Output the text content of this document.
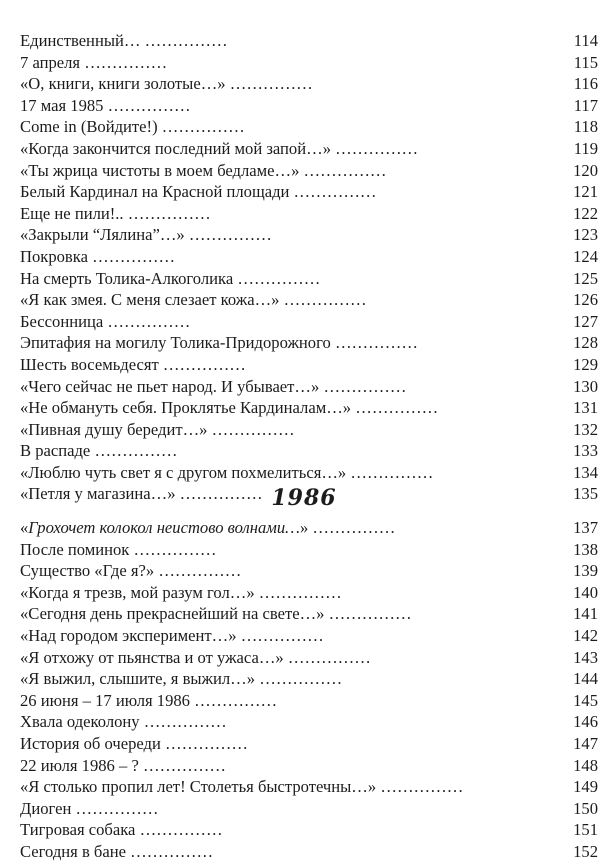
Единственный… ……………	114
7 апреля ……………	115
«О, книги, книги золотые…» ……………	116
17 мая 1985 ……………	117
Come in (Войдите!) ……………	118
«Когда закончится последний мой запой…» ……………	119
«Ты жрица чистоты в моем бедламе…» ……………	120
Белый Кардинал на Красной площади ……………	121
Еще не пили!.. ……………	122
«Закрыли “Лялина”…» ……………	123
Покровка ……………	124
На смерть Толика-Алкоголика ……………	125
«Я как змея. С меня слезает кожа…» ……………	126
Бессонница ……………	127
Эпитафия на могилу Толика-Придорожного ……………	128
Шесть восемьдесят ……………	129
«Чего сейчас не пьет народ. И убывает…» ……………	130
«Не обмануть себя. Проклятье Кардиналам…» ……………	131
«Пивная душу бередит…» ……………	132
В распаде ……………	133
«Люблю чуть свет я с другом похмелиться…» ……………	134
«Петля у магазина…» ……………	135
1986
«Грохочет колокол неистово волнами…» ……………	137
После поминок ……………	138
Существо «Где я?» ……………	139
«Когда я трезв, мой разум гол…» ……………	140
«Сегодня день прекраснейший на свете…» ……………	141
«Над городом эксперимент…» ……………	142
«Я отхожу от пьянства и от ужаса…» ……………	143
«Я выжил, слышите, я выжил…» ……………	144
26 июня – 17 июля 1986 ……………	145
Хвала одеколону ……………	146
История об очереди ……………	147
22 июля 1986 – ? ……………	148
«Я столько пропил лет! Столетья быстротечны…» ……………	149
Диоген ……………	150
Тигровая собака ……………	151
Сегодня в бане ……………	152
